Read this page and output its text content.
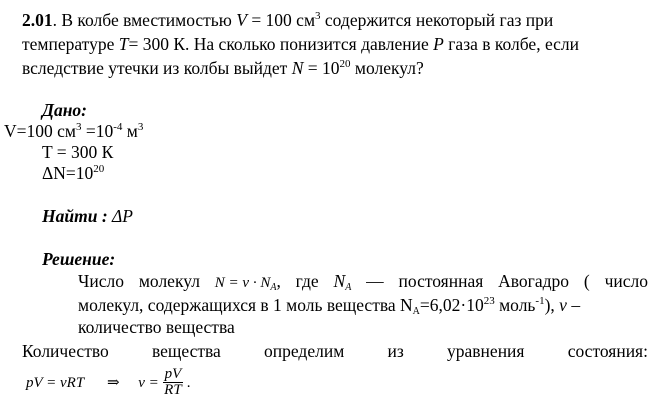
2.01. В колбе вместимостью V = 100 $см^3$ содержится некоторый газ при
температуре T= 300 К. На сколько понизится давление P газа в колбе, если
вследствие утечки из колбы выйдет $N = 10^{20}$ молекул?
Дано:
V=100 $см^3 =10^{-4}$ $м^3$
T = 300 К
$\Delta N=10^{20}$
Найти : ΔP
Решение:
Число молекул $N = \nu \cdot N_A$, где $N_A$ — постоянная Авогадро ( число
молекул, содержащихся в 1 моль вещества $N_A=6,02\cdot 10^{23}$ моль$^{-1}$), ν –
количество вещества
Количество вещества определим из уравнения состояния:
pV = νRT ⇒ $\nu = \frac{pV}{RT}$ .
